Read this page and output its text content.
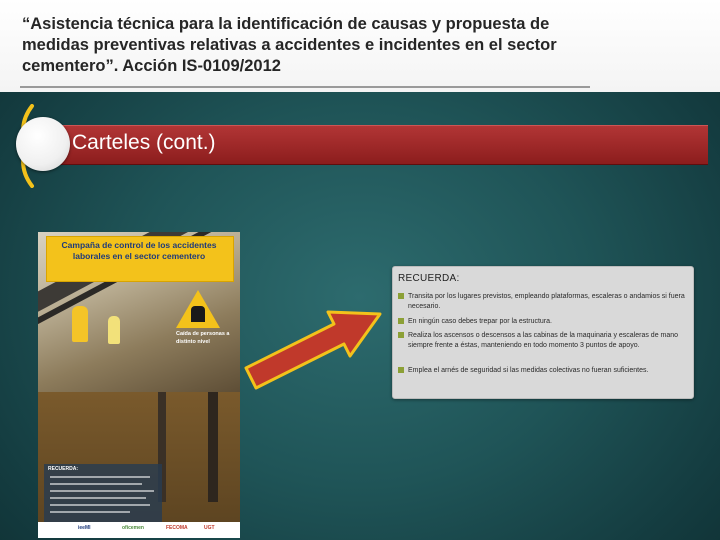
“Asistencia técnica para la identificación de causas y propuesta de medidas preventivas relativas a accidentes e incidentes en el sector cementero”. Acción IS-0109/2012
Carteles (cont.)
Campaña de control de los accidentes laborales en el sector cementero
Caída de personas a distinto nivel
RECUERDA:
ieeMI	oficemen	FECOMA	UGT
RECUERDA:
Transita por los lugares previstos, empleando plataformas, escaleras o andamios si fuera necesario.
En ningún caso debes trepar por la estructura.
Realiza los ascensos o descensos a las cabinas de la maquinaria y escaleras de mano siempre frente a éstas, manteniendo en todo momento 3 puntos de apoyo.
Emplea el arnés de seguridad si las medidas colectivas no fueran suficientes.
